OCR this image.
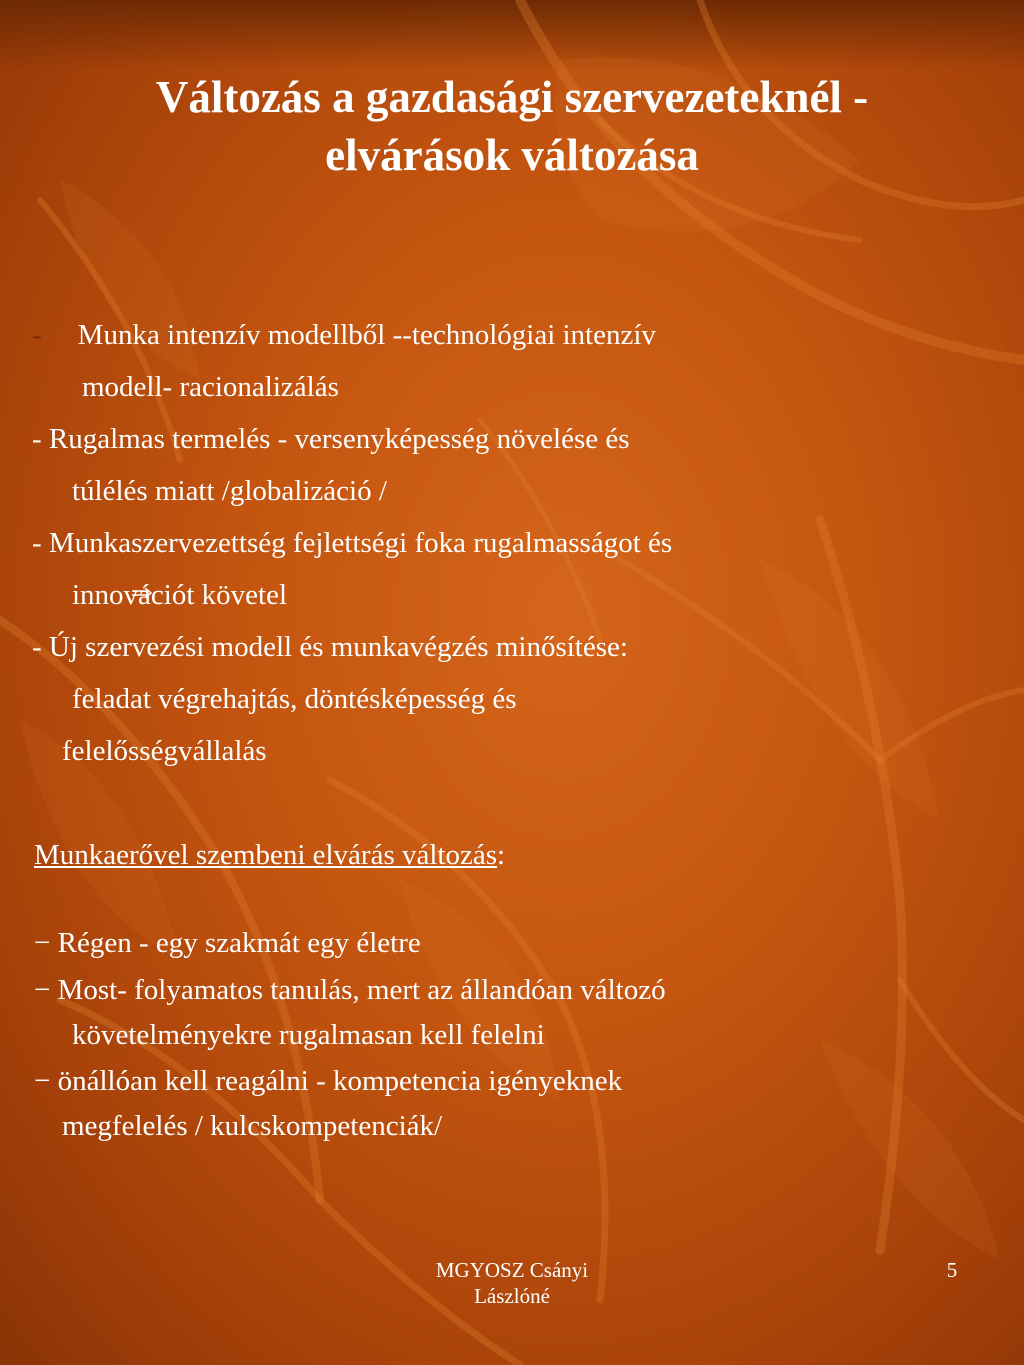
Változás a gazdasági szervezeteknél -
elvárások változása
- Munka intenzív modellből --technológiai intenzív
modell- racionalizálás
- Rugalmas termelés - versenyképesség növelése és
túlélés miatt /globalizáció /
- Munkaszervezettség fejlettségi foka rugalmasságot és
innovációt követel
- Új szervezési modell és munkavégzés minősítése:
feladat végrehajtás, döntésképesség és
felelősségvállalás
Munkaerővel szembeni elvárás változás:
− Régen - egy szakmát egy életre
− Most- folyamatos tanulás, mert az állandóan változó
követelményekre rugalmasan kell felelni
− önállóan kell reagálni - kompetencia igényeknek
megfelelés / kulcskompetenciák/
MGYOSZ Csányi
Lászlóné
5
